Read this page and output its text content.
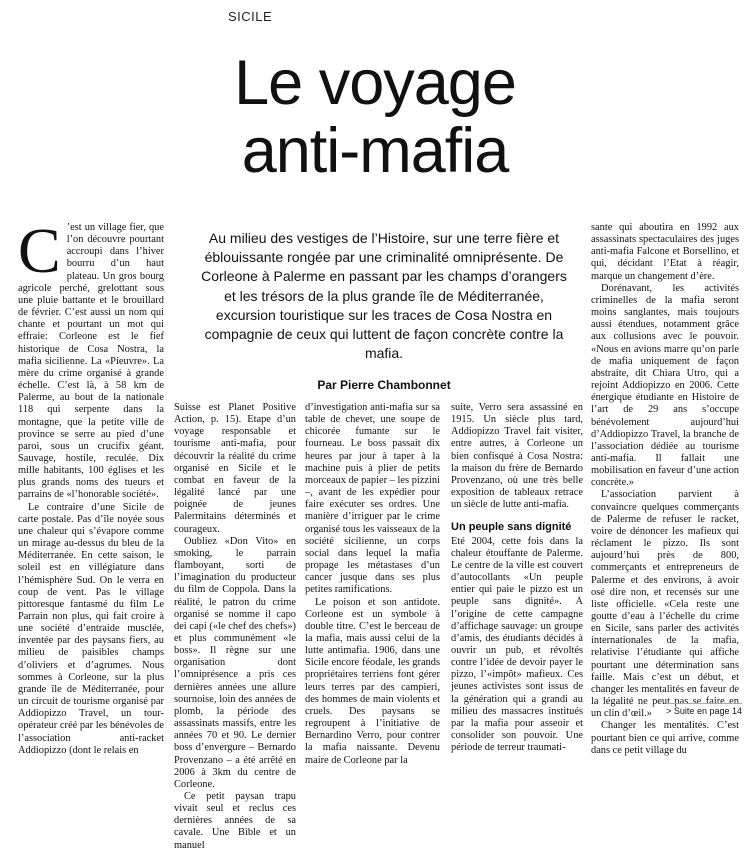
SICILE
Le voyage
anti-mafia
Au milieu des vestiges de l’Histoire, sur une terre fière et éblouissante rongée par une criminalité omniprésente. De Corleone à Palerme en passant par les champs d’orangers et les trésors de la plus grande île de Méditerranée, excursion touristique sur les traces de Cosa Nostra en compagnie de ceux qui luttent de façon concrète contre la mafia.
Par Pierre Chambonnet

C ’est un village fier, que l’on découvre pourtant accroupi dans l’hiver bourru d’un haut plateau. Un gros bourg agricole perché, grelottant sous une pluie battante et le brouillard de février. C’est aussi un nom qui chante et pourtant un mot qui effraie: Corleone est le fief historique de Cosa Nostra, la mafia sicilienne. La «Pieuvre». La mère du crime organisé à grande échelle. C’est là, à 58 km de Palerme, au bout de la nationale 118 qui serpente dans la montagne, que la petite ville de province se serre au pied d’une paroi, sous un crucifix géant. Sauvage, hostile, reculée. Dix mille habitants, 100 églises et les plus grands noms des tueurs et parrains de «l’honorable société».

Le contraire d’une Sicile de carte postale. Pas d’île noyée sous une chaleur qui s’évapore comme un mirage au-dessus du bleu de la Méditerranée. En cette saison, le soleil est en villégiature dans l’hémisphère Sud. On le verra en coup de vent. Pas le village pittoresque fantasmé du film Le Parrain non plus, qui fait croire à une société d’entraide musclée, inventée par des paysans fiers, au milieu de paisibles champs d’oliviers et d’agrumes. Nous sommes à Corleone, sur la plus grande île de Méditerranée, pour un circuit de tourisme organisé par Addiopizzo Travel, un tour-opérateur créé par les bénévoles de l’association anti-racket Addiopizzo (dont le relais en

Suisse est Planet Positive Action, p. 15). Etape d’un voyage responsable et tourisme anti-mafia, pour découvrir la réalité du crime organisé en Sicile et le combat en faveur de la légalité lancé par une poignée de jeunes Palermitains déterminés et courageux.

Oubliez «Don Vito» en smoking, le parrain flamboyant, sorti de l’imagination du producteur du film de Coppola. Dans la réalité, le patron du crime organisé se nomme il capo dei capi («le chef des chefs») et plus communément «le boss». Il règne sur une organisation dont l’omniprésence a pris ces dernières années une allure sournoise, loin des années de plomb, la période des assassinats massifs, entre les années 70 et 90. Le dernier boss d’envergure – Bernardo Provenzano – a été arrêté en 2006 à 3km du centre de Corleone.

Ce petit paysan trapu vivait seul et reclus ces dernières années de sa cavale. Une Bible et un manuel

d’investigation anti-mafia sur sa table de chevet, une soupe de chicorée fumante sur le fourneau. Le boss passait dix heures par jour à taper à la machine puis à plier de petits morceaux de papier – les pizzini –, avant de les expédier pour faire exécuter ses ordres. Une manière d’irriguer par le crime organisé tous les vaisseaux de la société sicilienne, un corps social dans lequel la mafia propage les métastases d’un cancer jusque dans ses plus petites ramifications.

Le poison et son antidote. Corleone est un symbole à double titre. C’est le berceau de la mafia, mais aussi celui de la lutte antimafia. 1906, dans une Sicile encore féodale, les grands propriétaires terriens font gérer leurs terres par des campieri, des hommes de main violents et cruels. Des paysans se regroupent à l’initiative de Bernardino Verro, pour contrer la mafia naissante. Devenu maire de Corleone par la

suite, Verro sera assassiné en 1915. Un siècle plus tard, Addiopizzo Travel fait visiter, entre autres, à Corleone un bien confisqué à Cosa Nostra: la maison du frère de Bernardo Provenzano, où une très belle exposition de tableaux retrace un siècle de lutte anti-mafia.

Un peuple sans dignité

Eté 2004, cette fois dans la chaleur étouffante de Palerme. Le centre de la ville est couvert d’autocollants «Un peuple entier qui paie le pizzo est un peuple sans dignité». A l’origine de cette campagne d’affichage sauvage: un groupe d’amis, des étudiants décidés à ouvrir un pub, et révoltés contre l’idée de devoir payer le pizzo, l’«impôt» mafieux. Ces jeunes activistes sont issus de la génération qui a grandi au milieu des massacres institués par la mafia pour asseoir et consolider son pouvoir. Une période de terreur traumati-

sante qui aboutira en 1992 aux assassinats spectaculaires des juges anti-mafia Falcone et Borsellino, et qui, décidant l’Etat à réagir, marque un changement d’ère.

Dorénavant, les activités criminelles de la mafia seront moins sanglantes, mais toujours aussi étendues, notamment grâce aux collusions avec le pouvoir. «Nous en avions marre qu’on parle de mafia uniquement de façon abstraite, dit Chiara Utro, qui a rejoint Addiopizzo en 2006. Cette énergique étudiante en Histoire de l’art de 29 ans s’occupe bénévolement aujourd’hui d’Addiopizzo Travel, la branche de l’association dédiée au tourisme anti-mafia. Il fallait une mobilisation en faveur d’une action concrète.»

L’association parvient à convaincre quelques commerçants de Palerme de refuser le racket, voire de dénoncer les mafieux qui réclament le pizzo. Ils sont aujourd’hui près de 800, commerçants et entrepreneurs de Palerme et des environs, à avoir osé dire non, et recensés sur une liste officielle. «Cela reste une goutte d’eau à l’échelle du crime en Sicile, sans parler des activités internationales de la mafia, relativise l’étudiante qui affiche pourtant une détermination sans faille. Mais c’est un début, et changer les mentalités en faveur de la légalité ne peut pas se faire en un clin d’œil.»

Changer les mentalités. C’est pourtant bien ce qui arrive, comme dans ce petit village du

> Suite en page 14
